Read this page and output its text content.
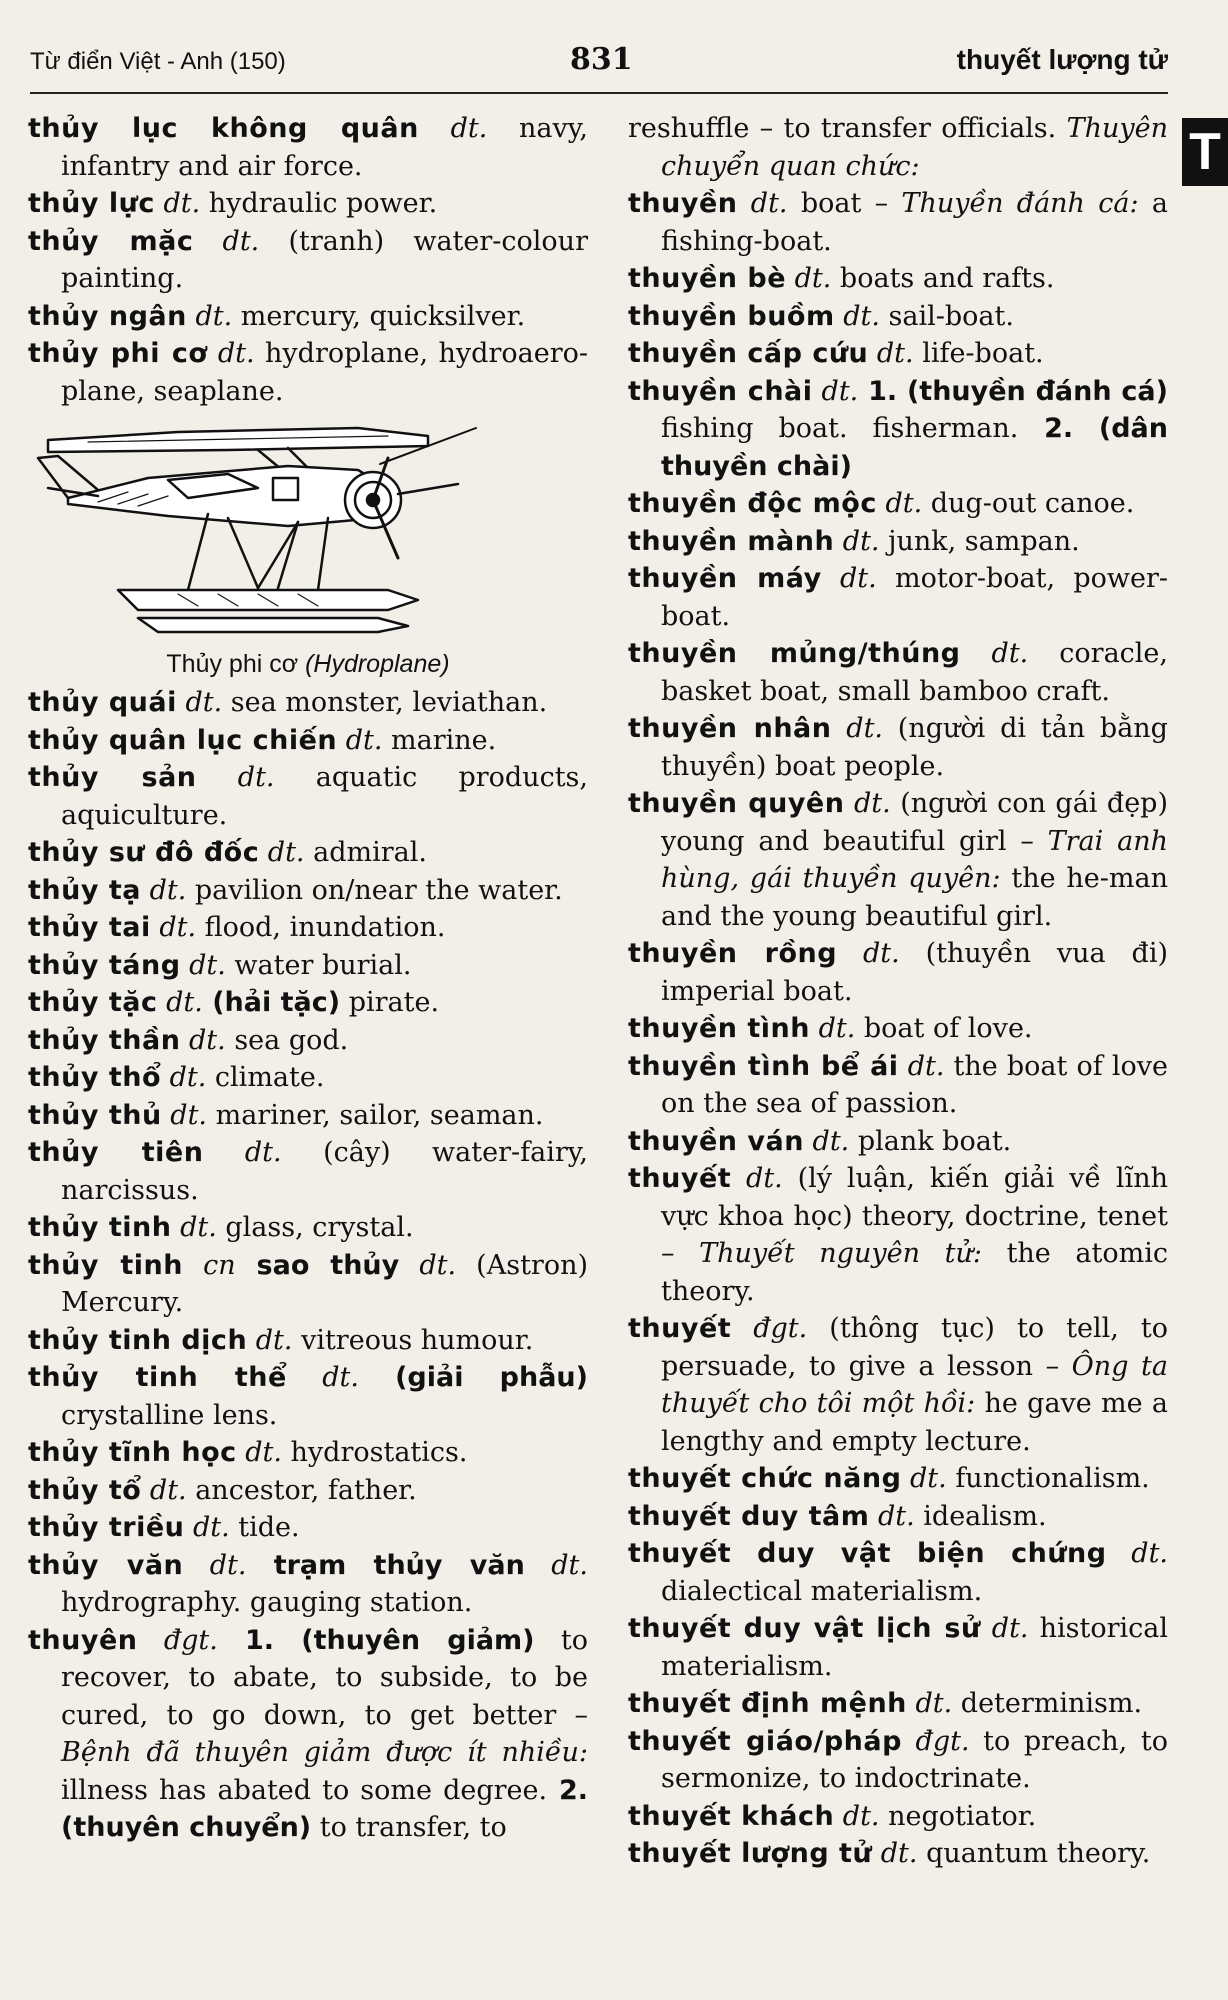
Từ điển Việt - Anh (150)	831	thuyết lượng tử
T
thủy lục không quân dt. navy, infantry and air force.
thủy lực dt. hydraulic power.
thủy mặc dt. (tranh) water-colour painting.
thủy ngân dt. mercury, quicksilver.
thủy phi cơ dt. hydroplane, hydroaero-plane, seaplane.
Thủy phi cơ (Hydroplane)
thủy quái dt. sea monster, leviathan.
thủy quân lục chiến dt. marine.
thủy sản dt. aquatic products, aquiculture.
thủy sư đô đốc dt. admiral.
thủy tạ dt. pavilion on/near the water.
thủy tai dt. flood, inundation.
thủy táng dt. water burial.
thủy tặc dt. (hải tặc) pirate.
thủy thần dt. sea god.
thủy thổ dt. climate.
thủy thủ dt. mariner, sailor, seaman.
thủy tiên dt. (cây) water-fairy, narcissus.
thủy tinh dt. glass, crystal.
thủy tinh cn sao thủy dt. (Astron) Mercury.
thủy tinh dịch dt. vitreous humour.
thủy tinh thể dt. (giải phẫu) crystalline lens.
thủy tĩnh học dt. hydrostatics.
thủy tổ dt. ancestor, father.
thủy triều dt. tide.
thủy văn dt. trạm thủy văn dt. hydrography. gauging station.
thuyên đgt. 1. (thuyên giảm) to recover, to abate, to subside, to be cured, to go down, to get better – Bệnh đã thuyên giảm được ít nhiều: illness has abated to some degree. 2. (thuyên chuyển) to transfer, to
reshuffle – to transfer officials. Thuyên chuyển quan chức:
thuyền dt. boat – Thuyền đánh cá: a fishing-boat.
thuyền bè dt. boats and rafts.
thuyền buồm dt. sail-boat.
thuyền cấp cứu dt. life-boat.
thuyền chài dt. 1. (thuyền đánh cá) fishing boat. fisherman. 2. (dân thuyền chài)
thuyền độc mộc dt. dug-out canoe.
thuyền mành dt. junk, sampan.
thuyền máy dt. motor-boat, power-boat.
thuyền mủng/thúng dt. coracle, basket boat, small bamboo craft.
thuyền nhân dt. (người di tản bằng thuyền) boat people.
thuyền quyên dt. (người con gái đẹp) young and beautiful girl – Trai anh hùng, gái thuyền quyên: the he-man and the young beautiful girl.
thuyền rồng dt. (thuyền vua đi) imperial boat.
thuyền tình dt. boat of love.
thuyền tình bể ái dt. the boat of love on the sea of passion.
thuyền ván dt. plank boat.
thuyết dt. (lý luận, kiến giải về lĩnh vực khoa học) theory, doctrine, tenet – Thuyết nguyên tử: the atomic theory.
thuyết đgt. (thông tục) to tell, to persuade, to give a lesson – Ông ta thuyết cho tôi một hồi: he gave me a lengthy and empty lecture.
thuyết chức năng dt. functionalism.
thuyết duy tâm dt. idealism.
thuyết duy vật biện chứng dt. dialectical materialism.
thuyết duy vật lịch sử dt. historical materialism.
thuyết định mệnh dt. determinism.
thuyết giáo/pháp đgt. to preach, to sermonize, to indoctrinate.
thuyết khách dt. negotiator.
thuyết lượng tử dt. quantum theory.
